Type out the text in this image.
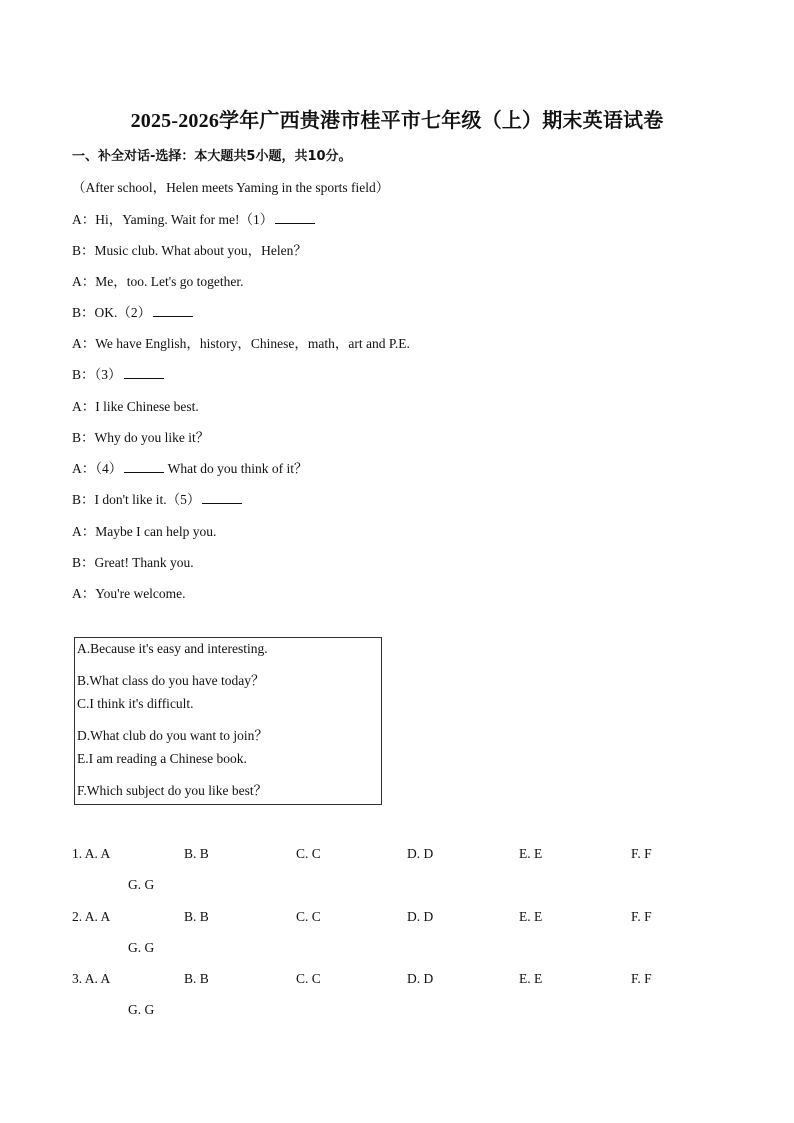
2025-2026学年广西贵港市桂平市七年级（上）期末英语试卷
一、补全对话-选择：本大题共5小题，共10分。
（After school，Helen meets Yaming in the sports field）
A：Hi，Yaming. Wait for me!（1）
B：Music club. What about you，Helen？
A：Me，too. Let's go together.
B：OK.（2）
A：We have English，history，Chinese，math，art and P.E.
B：（3）
A：I like Chinese best.
B：Why do you like it？
A：（4）	What do you think of it？
B：I don't like it.（5）
A：Maybe I can help you.
B：Great! Thank you.
A：You're welcome.
A.Because it's easy and interesting.
B.What class do you have today？
C.I think it's difficult.
D.What club do you want to join？
E.I am reading a Chinese book.
F.Which subject do you like best？
1. A. A	B. B	C. C	D. D	E. E	F. F
G. G
2. A. A	B. B	C. C	D. D	E. E	F. F
G. G
3. A. A	B. B	C. C	D. D	E. E	F. F
G. G
